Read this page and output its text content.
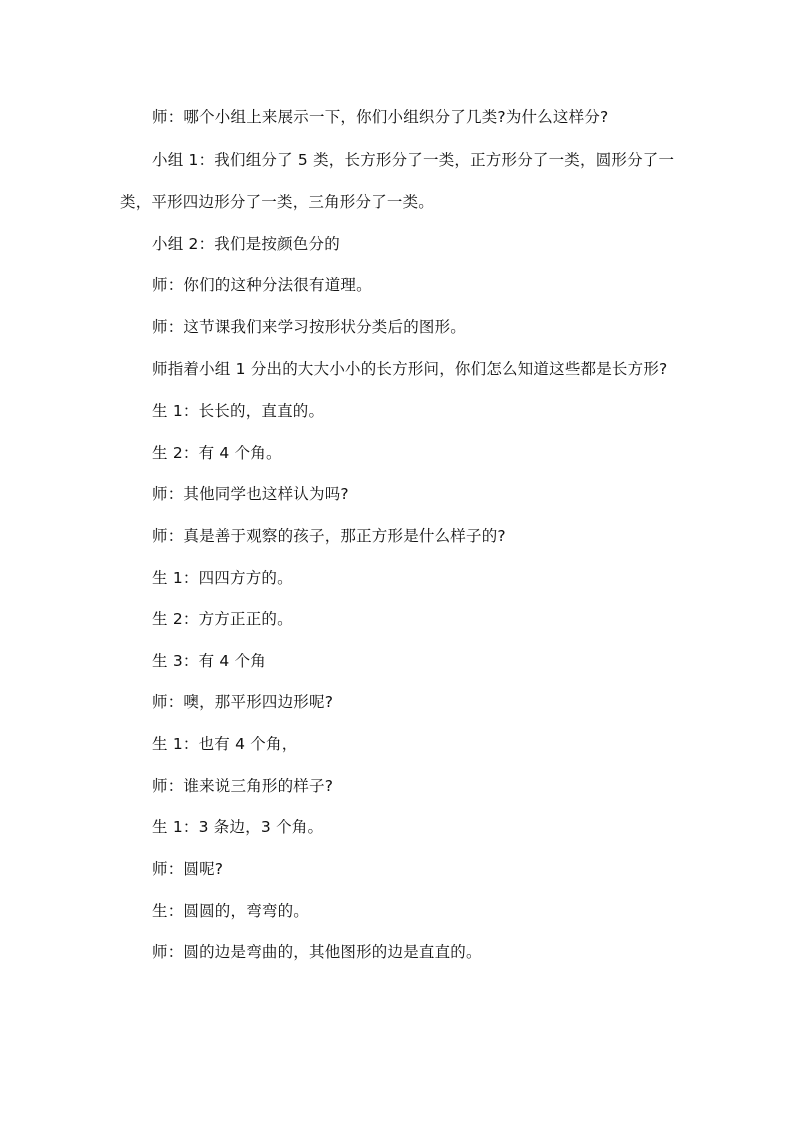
师：哪个小组上来展示一下，你们小组织分了几类?为什么这样分?
小组 1：我们组分了 5 类，长方形分了一类，正方形分了一类，圆形分了一
类，平形四边形分了一类，三角形分了一类。
小组 2：我们是按颜色分的
师：你们的这种分法很有道理。
师：这节课我们来学习按形状分类后的图形。
师指着小组 1 分出的大大小小的长方形问，你们怎么知道这些都是长方形?
生 1：长长的，直直的。
生 2：有 4 个角。
师：其他同学也这样认为吗?
师：真是善于观察的孩子，那正方形是什么样子的?
生 1：四四方方的。
生 2：方方正正的。
生 3：有 4 个角
师：噢，那平形四边形呢?
生 1：也有 4 个角，
师：谁来说三角形的样子?
生 1：3 条边，3 个角。
师：圆呢?
生：圆圆的，弯弯的。
师：圆的边是弯曲的，其他图形的边是直直的。
